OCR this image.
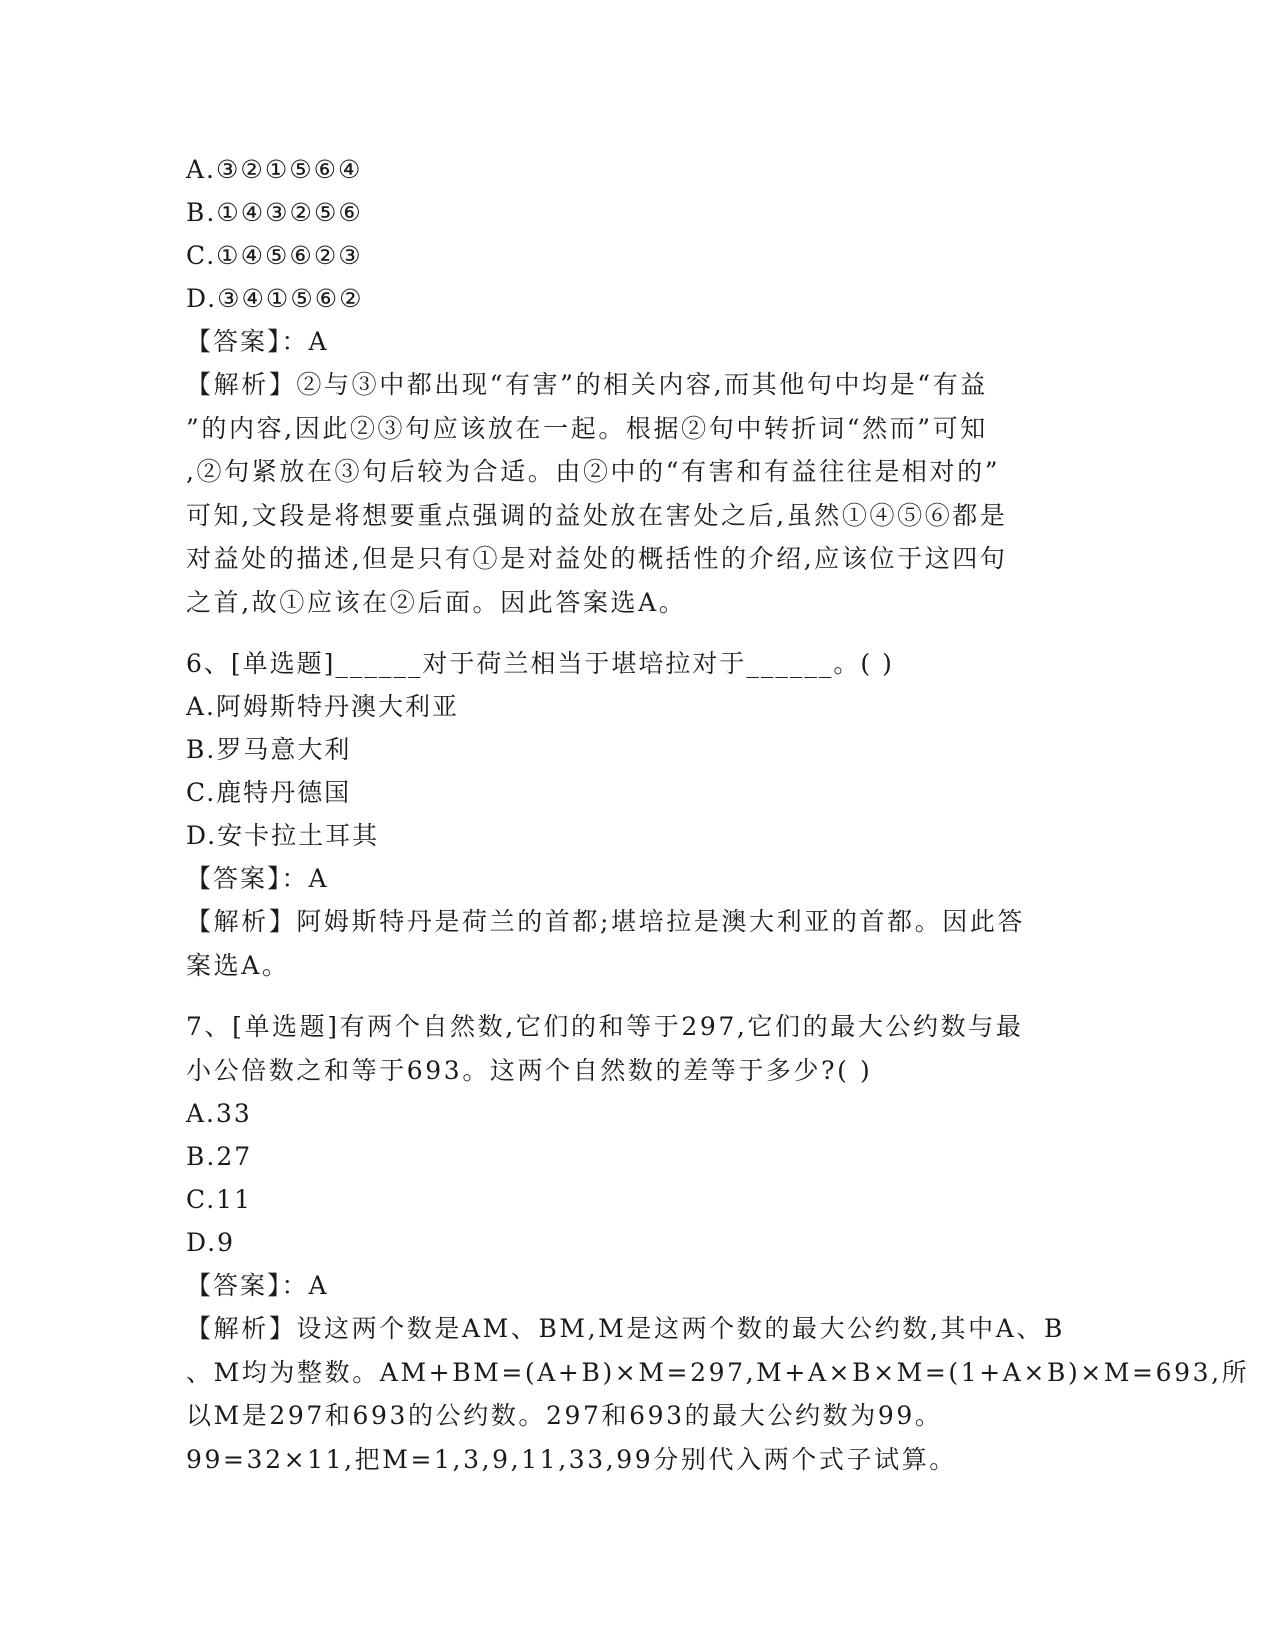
A.③②①⑤⑥④
B.①④③②⑤⑥
C.①④⑤⑥②③
D.③④①⑤⑥②
【答案】：A
【解析】②与③中都出现“有害”的相关内容,而其他句中均是“有益
”的内容,因此②③句应该放在一起。根据②句中转折词“然而”可知
,②句紧放在③句后较为合适。由②中的“有害和有益往往是相对的”
可知,文段是将想要重点强调的益处放在害处之后,虽然①④⑤⑥都是
对益处的描述,但是只有①是对益处的概括性的介绍,应该位于这四句
之首,故①应该在②后面。因此答案选A。
6、[单选题]______对于荷兰相当于堪培拉对于______。( )
A.阿姆斯特丹澳大利亚
B.罗马意大利
C.鹿特丹德国
D.安卡拉土耳其
【答案】：A
【解析】阿姆斯特丹是荷兰的首都;堪培拉是澳大利亚的首都。因此答
案选A。
7、[单选题]有两个自然数,它们的和等于297,它们的最大公约数与最
小公倍数之和等于693。这两个自然数的差等于多少?( )
A.33
B.27
C.11
D.9
【答案】：A
【解析】设这两个数是AM、BM,M是这两个数的最大公约数,其中A、B
、M均为整数。AM+BM=(A+B)×M=297,M+A×B×M=(1+A×B)×M=693,所
以M是297和693的公约数。297和693的最大公约数为99。
99=32×11,把M=1,3,9,11,33,99分别代入两个式子试算。
